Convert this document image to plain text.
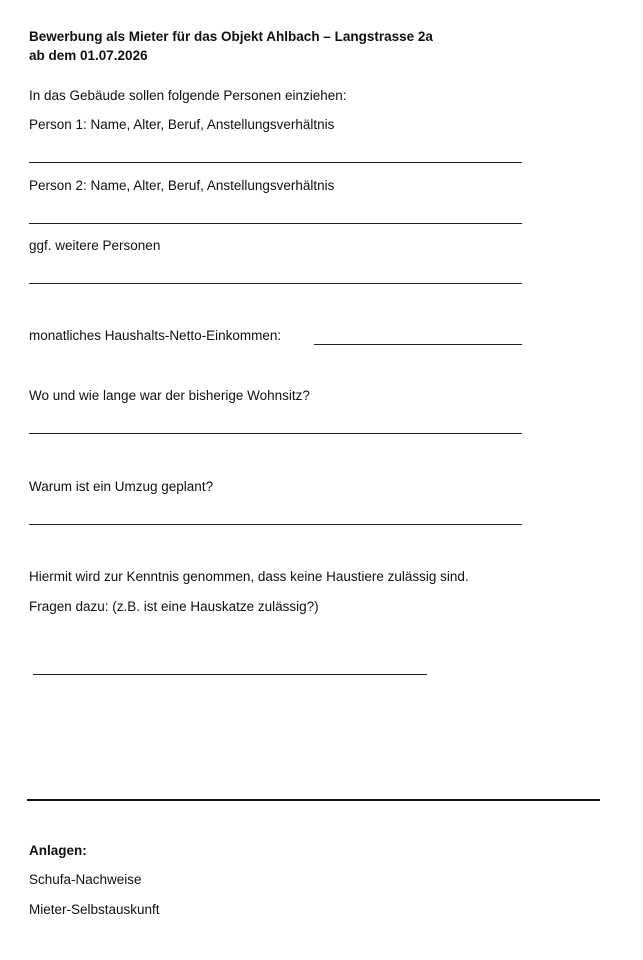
Bewerbung als Mieter für das Objekt Ahlbach – Langstrasse 2a
ab dem 01.07.2026
In das Gebäude sollen folgende Personen einziehen:
Person 1: Name, Alter, Beruf, Anstellungsverhältnis
Person 2: Name, Alter, Beruf, Anstellungsverhältnis
ggf. weitere Personen
monatliches Haushalts-Netto-Einkommen:
Wo und wie lange war der bisherige Wohnsitz?
Warum ist ein Umzug geplant?
Hiermit wird zur Kenntnis genommen, dass keine Haustiere zulässig sind.
Fragen dazu: (z.B. ist eine Hauskatze zulässig?)
Anlagen:
Schufa-Nachweise
Mieter-Selbstauskunft
